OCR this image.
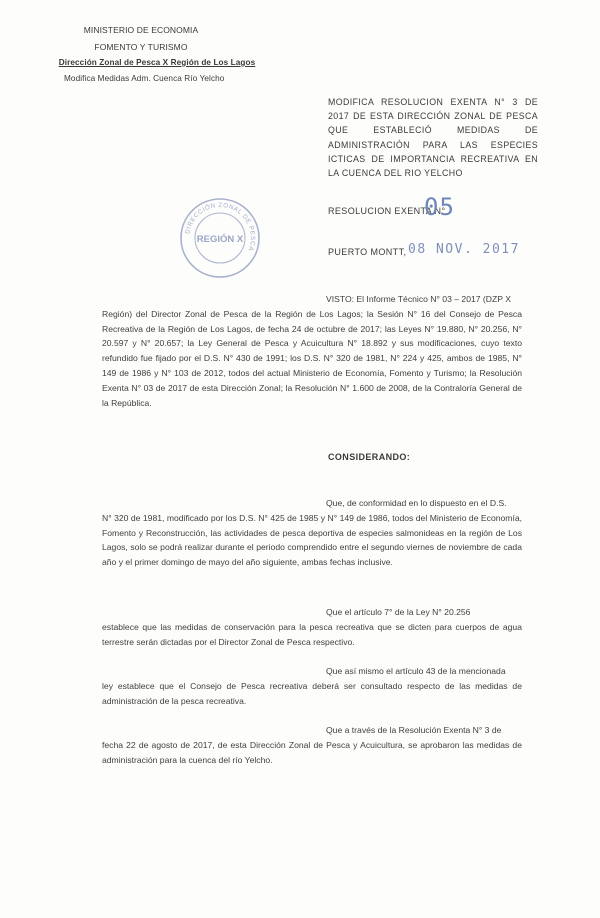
MINISTERIO DE ECONOMIA
FOMENTO Y TURISMO
Dirección Zonal de Pesca X Región de Los Lagos
Modifica Medidas Adm. Cuenca Río Yelcho
MODIFICA RESOLUCION EXENTA N° 3 DE 2017 DE ESTA DIRECCIÓN ZONAL DE PESCA QUE ESTABLECIÓ MEDIDAS DE ADMINISTRACIÓN PARA LAS ESPECIES ICTICAS DE IMPORTANCIA RECREATIVA EN LA CUENCA DEL RIO YELCHO
DIRECCIÓN ZONAL DE PESCA
REGIÓN X
RESOLUCION EXENTA N°
05
PUERTO MONTT, 08 NOV. 2017
VISTO: El Informe Técnico N° 03 – 2017 (DZP X
Región) del Director Zonal de Pesca de la Región de Los Lagos; la Sesión N° 16 del Consejo de Pesca Recreativa de la Región de Los Lagos, de fecha 24 de octubre de 2017; las Leyes N° 19.880, N° 20.256, N° 20.597 y N° 20.657; la Ley General de Pesca y Acuicultura N° 18.892 y sus modificaciones, cuyo texto refundido fue fijado por el D.S. N° 430 de 1991; los D.S. N° 320 de 1981, N° 224 y 425, ambos de 1985, N° 149 de 1986 y N° 103 de 2012, todos del actual Ministerio de Economía, Fomento y Turismo; la Resolución Exenta N° 03 de 2017 de esta Dirección Zonal; la Resolución N° 1.600 de 2008, de la Contraloría General de la República.
CONSIDERANDO:
Que, de conformidad en lo dispuesto en el D.S.
N° 320 de 1981, modificado por los D.S. N° 425 de 1985 y N° 149 de 1986, todos del Ministerio de Economía, Fomento y Reconstrucción, las actividades de pesca deportiva de especies salmonideas en la región de Los Lagos, solo se podrá realizar durante el periodo comprendido entre el segundo viernes de noviembre de cada año y el primer domingo de mayo del año siguiente, ambas fechas inclusive.
Que el artículo 7° de la Ley N° 20.256
establece que las medidas de conservación para la pesca recreativa que se dicten para cuerpos de agua terrestre serán dictadas por el Director Zonal de Pesca respectivo.
Que así mismo el artículo 43 de la mencionada
ley establece que el Consejo de Pesca recreativa deberá ser consultado respecto de las medidas de administración de la pesca recreativa.
Que a través de la Resolución Exenta N° 3 de
fecha 22 de agosto de 2017, de esta Dirección Zonal de Pesca y Acuicultura, se aprobaron las medidas de administración para la cuenca del río Yelcho.
